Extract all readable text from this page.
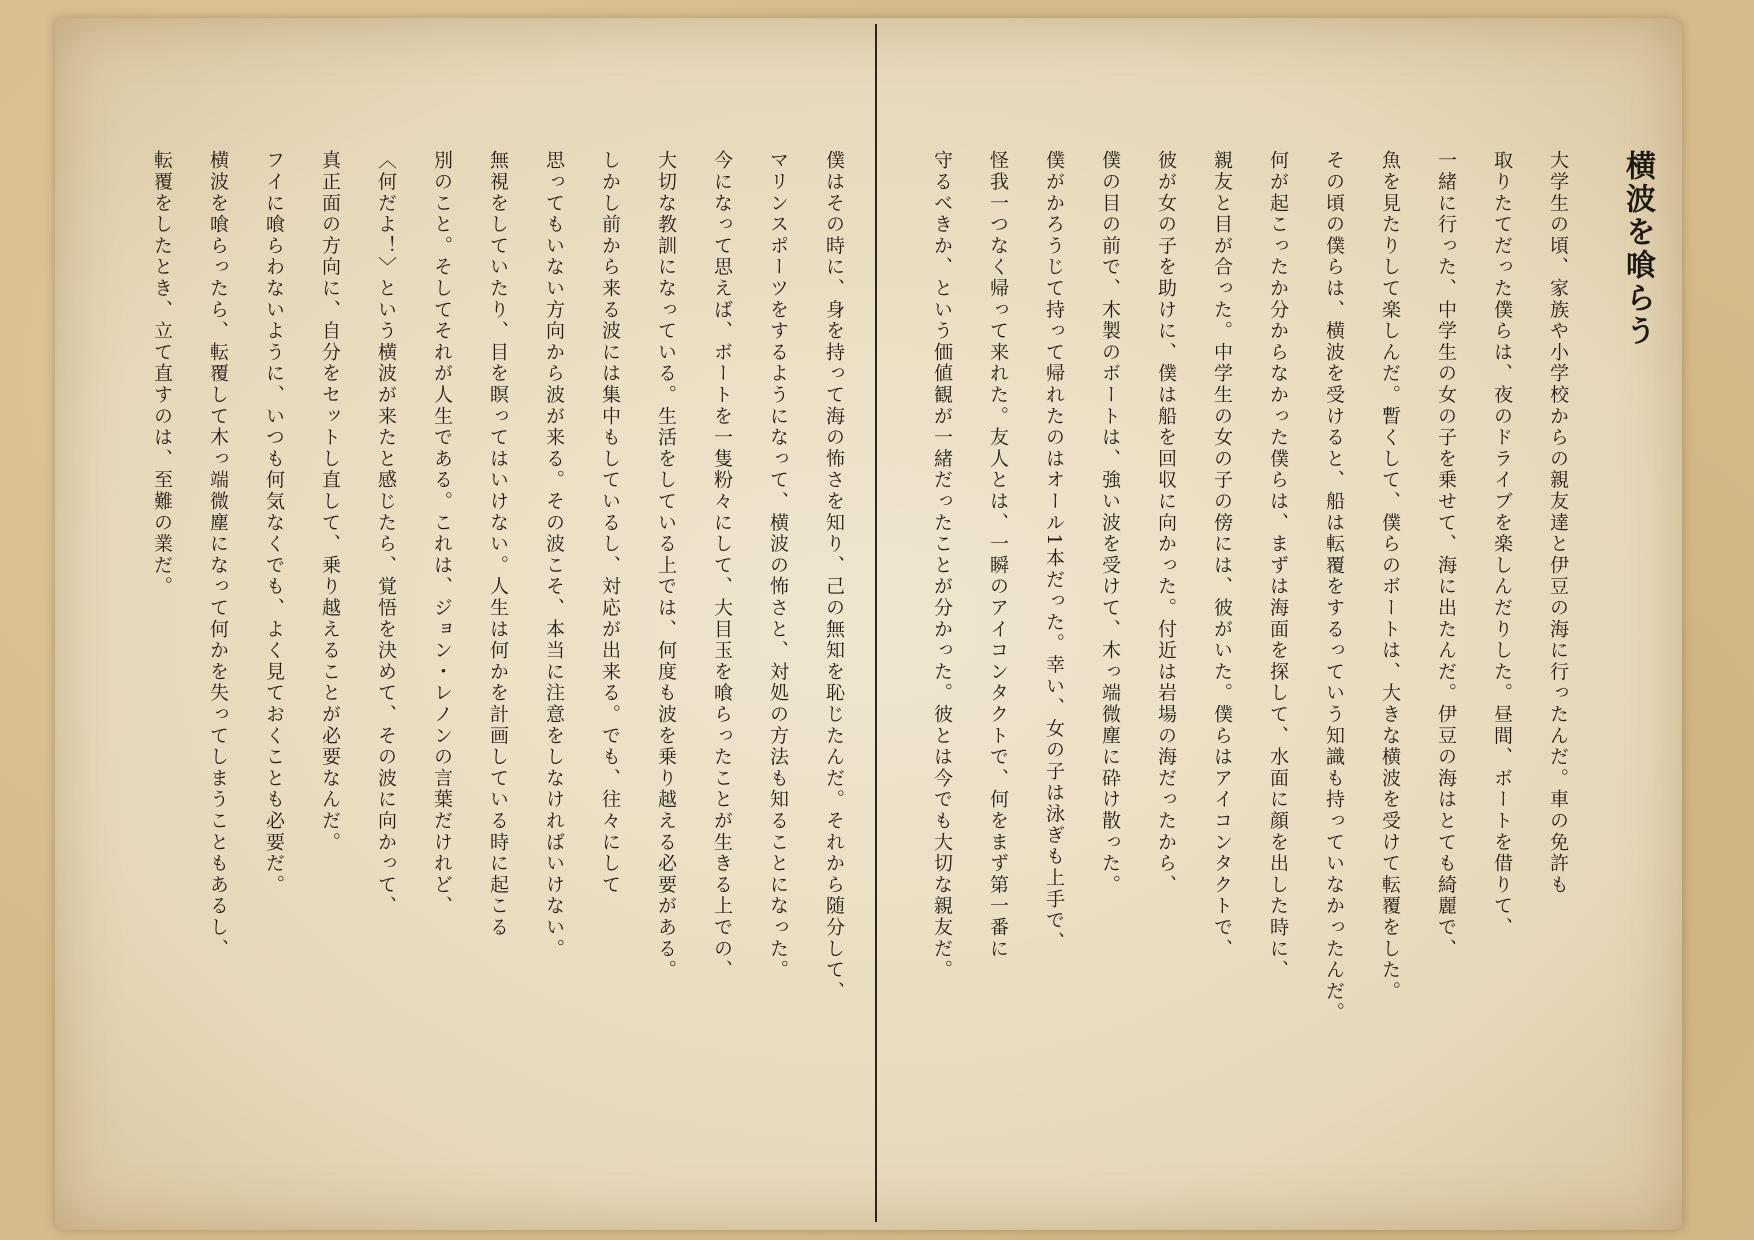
横波を喰らう
大学生の頃、家族や小学校からの親友達と伊豆の海に行ったんだ。車の免許も
取りたてだった僕らは、夜のドライブを楽しんだりした。昼間、ボートを借りて、
一緒に行った、中学生の女の子を乗せて、海に出たんだ。伊豆の海はとても綺麗で、
魚を見たりして楽しんだ。暫くして、僕らのボートは、大きな横波を受けて転覆をした。
その頃の僕らは、横波を受けると、船は転覆をするっていう知識も持っていなかったんだ。
何が起こったか分からなかった僕らは、まずは海面を探して、水面に顔を出した時に、
親友と目が合った。中学生の女の子の傍には、彼がいた。僕らはアイコンタクトで、
彼が女の子を助けに、僕は船を回収に向かった。付近は岩場の海だったから、
僕の目の前で、木製のボートは、強い波を受けて、木っ端微塵に砕け散った。
僕がかろうじて持って帰れたのはオール1本だった。幸い、女の子は泳ぎも上手で、
怪我一つなく帰って来れた。友人とは、一瞬のアイコンタクトで、何をまず第一番に
守るべきか、という価値観が一緒だったことが分かった。彼とは今でも大切な親友だ。
僕はその時に、身を持って海の怖さを知り、己の無知を恥じたんだ。それから随分して、
マリンスポーツをするようになって、横波の怖さと、対処の方法も知ることになった。
今になって思えば、ボートを一隻粉々にして、大目玉を喰らったことが生きる上での、
大切な教訓になっている。生活をしている上では、何度も波を乗り越える必要がある。
しかし前から来る波には集中もしているし、対応が出来る。でも、往々にして
思ってもいない方向から波が来る。その波こそ、本当に注意をしなければいけない。
無視をしていたり、目を瞑ってはいけない。人生は何かを計画している時に起こる
別のこと。そしてそれが人生である。これは、ジョン・レノンの言葉だけれど、
〈何だよ！〉という横波が来たと感じたら、覚悟を決めて、その波に向かって、
真正面の方向に、自分をセットし直して、乗り越えることが必要なんだ。
フイに喰らわないように、いつも何気なくでも、よく見ておくことも必要だ。
横波を喰らったら、転覆して木っ端微塵になって何かを失ってしまうこともあるし、
転覆をしたとき、立て直すのは、至難の業だ。
